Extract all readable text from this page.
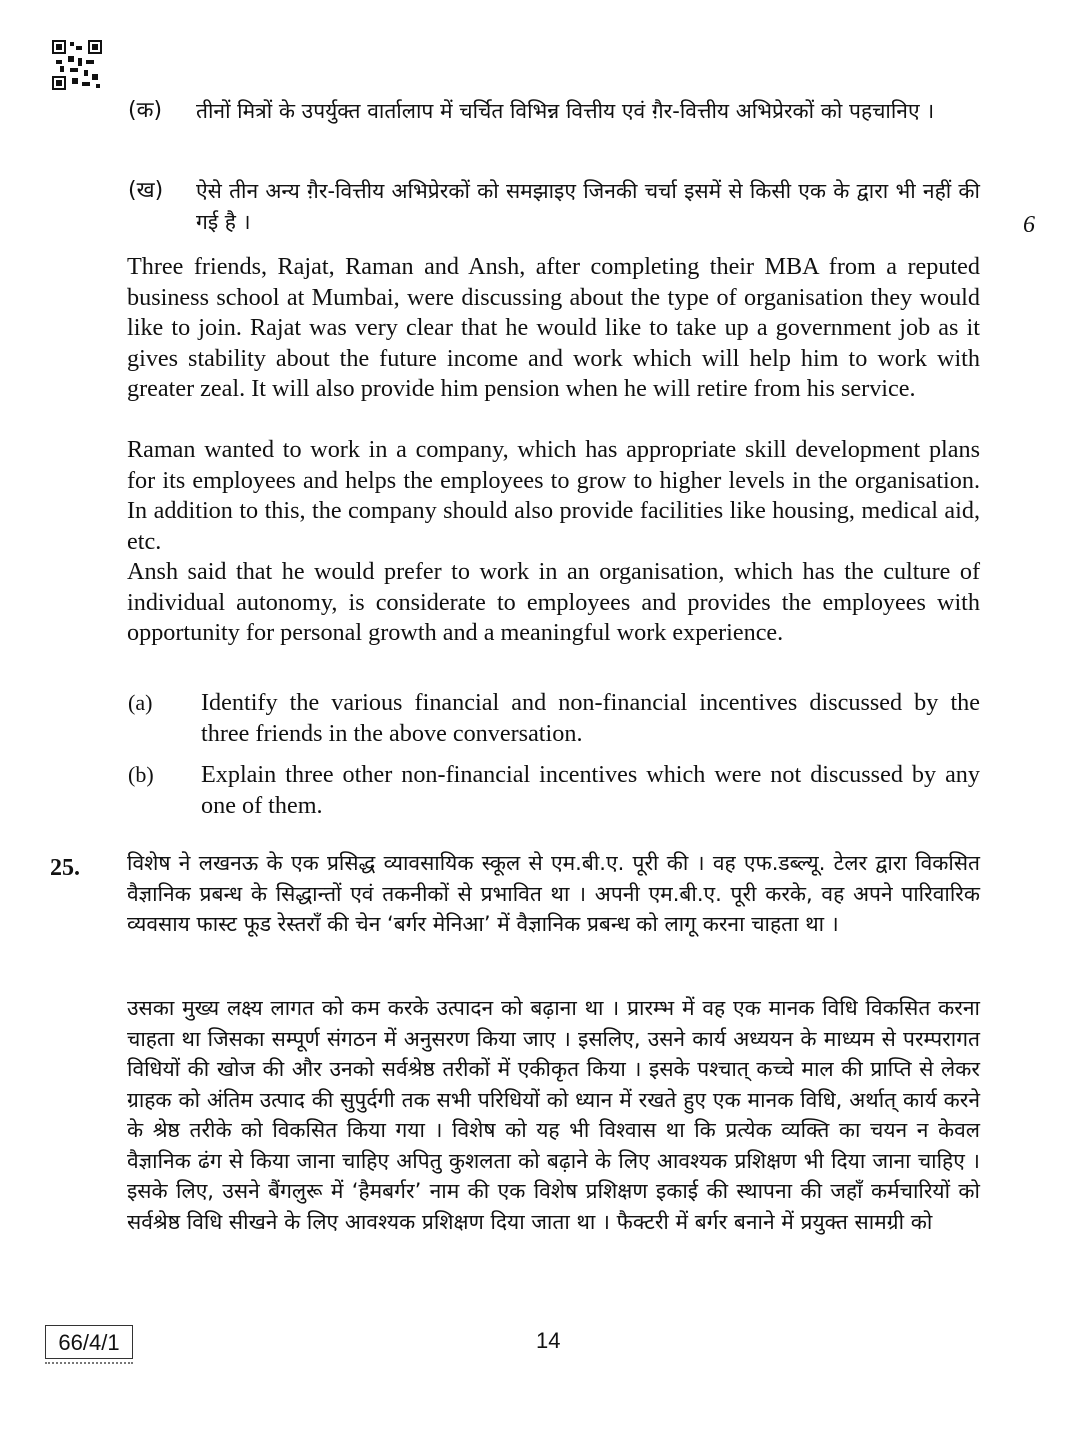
(क) तीनों मित्रों के उपर्युक्त वार्तालाप में चर्चित विभिन्न वित्तीय एवं ग़ैर-वित्तीय अभिप्रेरकों को पहचानिए ।
(ख) ऐसे तीन अन्य ग़ैर-वित्तीय अभिप्रेरकों को समझाइए जिनकी चर्चा इसमें से किसी एक के द्वारा भी नहीं की गई है ।	6
Three friends, Rajat, Raman and Ansh, after completing their MBA from a reputed business school at Mumbai, were discussing about the type of organisation they would like to join. Rajat was very clear that he would like to take up a government job as it gives stability about the future income and work which will help him to work with greater zeal. It will also provide him pension when he will retire from his service.
Raman wanted to work in a company, which has appropriate skill development plans for its employees and helps the employees to grow to higher levels in the organisation. In addition to this, the company should also provide facilities like housing, medical aid, etc.
Ansh said that he would prefer to work in an organisation, which has the culture of individual autonomy, is considerate to employees and provides the employees with opportunity for personal growth and a meaningful work experience.
(a) Identify the various financial and non-financial incentives discussed by the three friends in the above conversation.
(b) Explain three other non-financial incentives which were not discussed by any one of them.
25. विशेष ने लखनऊ के एक प्रसिद्ध व्यावसायिक स्कूल से एम.बी.ए. पूरी की । वह एफ.डब्ल्यू. टेलर द्वारा विकसित वैज्ञानिक प्रबन्ध के सिद्धान्तों एवं तकनीकों से प्रभावित था । अपनी एम.बी.ए. पूरी करके, वह अपने पारिवारिक व्यवसाय फास्ट फूड रेस्तराँ की चेन ‘बर्गर मेनिआ’ में वैज्ञानिक प्रबन्ध को लागू करना चाहता था ।
उसका मुख्य लक्ष्य लागत को कम करके उत्पादन को बढ़ाना था । प्रारम्भ में वह एक मानक विधि विकसित करना चाहता था जिसका सम्पूर्ण संगठन में अनुसरण किया जाए । इसलिए, उसने कार्य अध्ययन के माध्यम से परम्परागत विधियों की खोज की और उनको सर्वश्रेष्ठ तरीकों में एकीकृत किया । इसके पश्चात् कच्चे माल की प्राप्ति से लेकर ग्राहक को अंतिम उत्पाद की सुपुर्दगी तक सभी परिधियों को ध्यान में रखते हुए एक मानक विधि, अर्थात् कार्य करने के श्रेष्ठ तरीके को विकसित किया गया । विशेष को यह भी विश्वास था कि प्रत्येक व्यक्ति का चयन न केवल वैज्ञानिक ढंग से किया जाना चाहिए अपितु कुशलता को बढ़ाने के लिए आवश्यक प्रशिक्षण भी दिया जाना चाहिए । इसके लिए, उसने बैंगलुरू में ‘हैमबर्गर’ नाम की एक विशेष प्रशिक्षण इकाई की स्थापना की जहाँ कर्मचारियों को सर्वश्रेष्ठ विधि सीखने के लिए आवश्यक प्रशिक्षण दिया जाता था । फैक्टरी में बर्गर बनाने में प्रयुक्त सामग्री को
66/4/1	14
